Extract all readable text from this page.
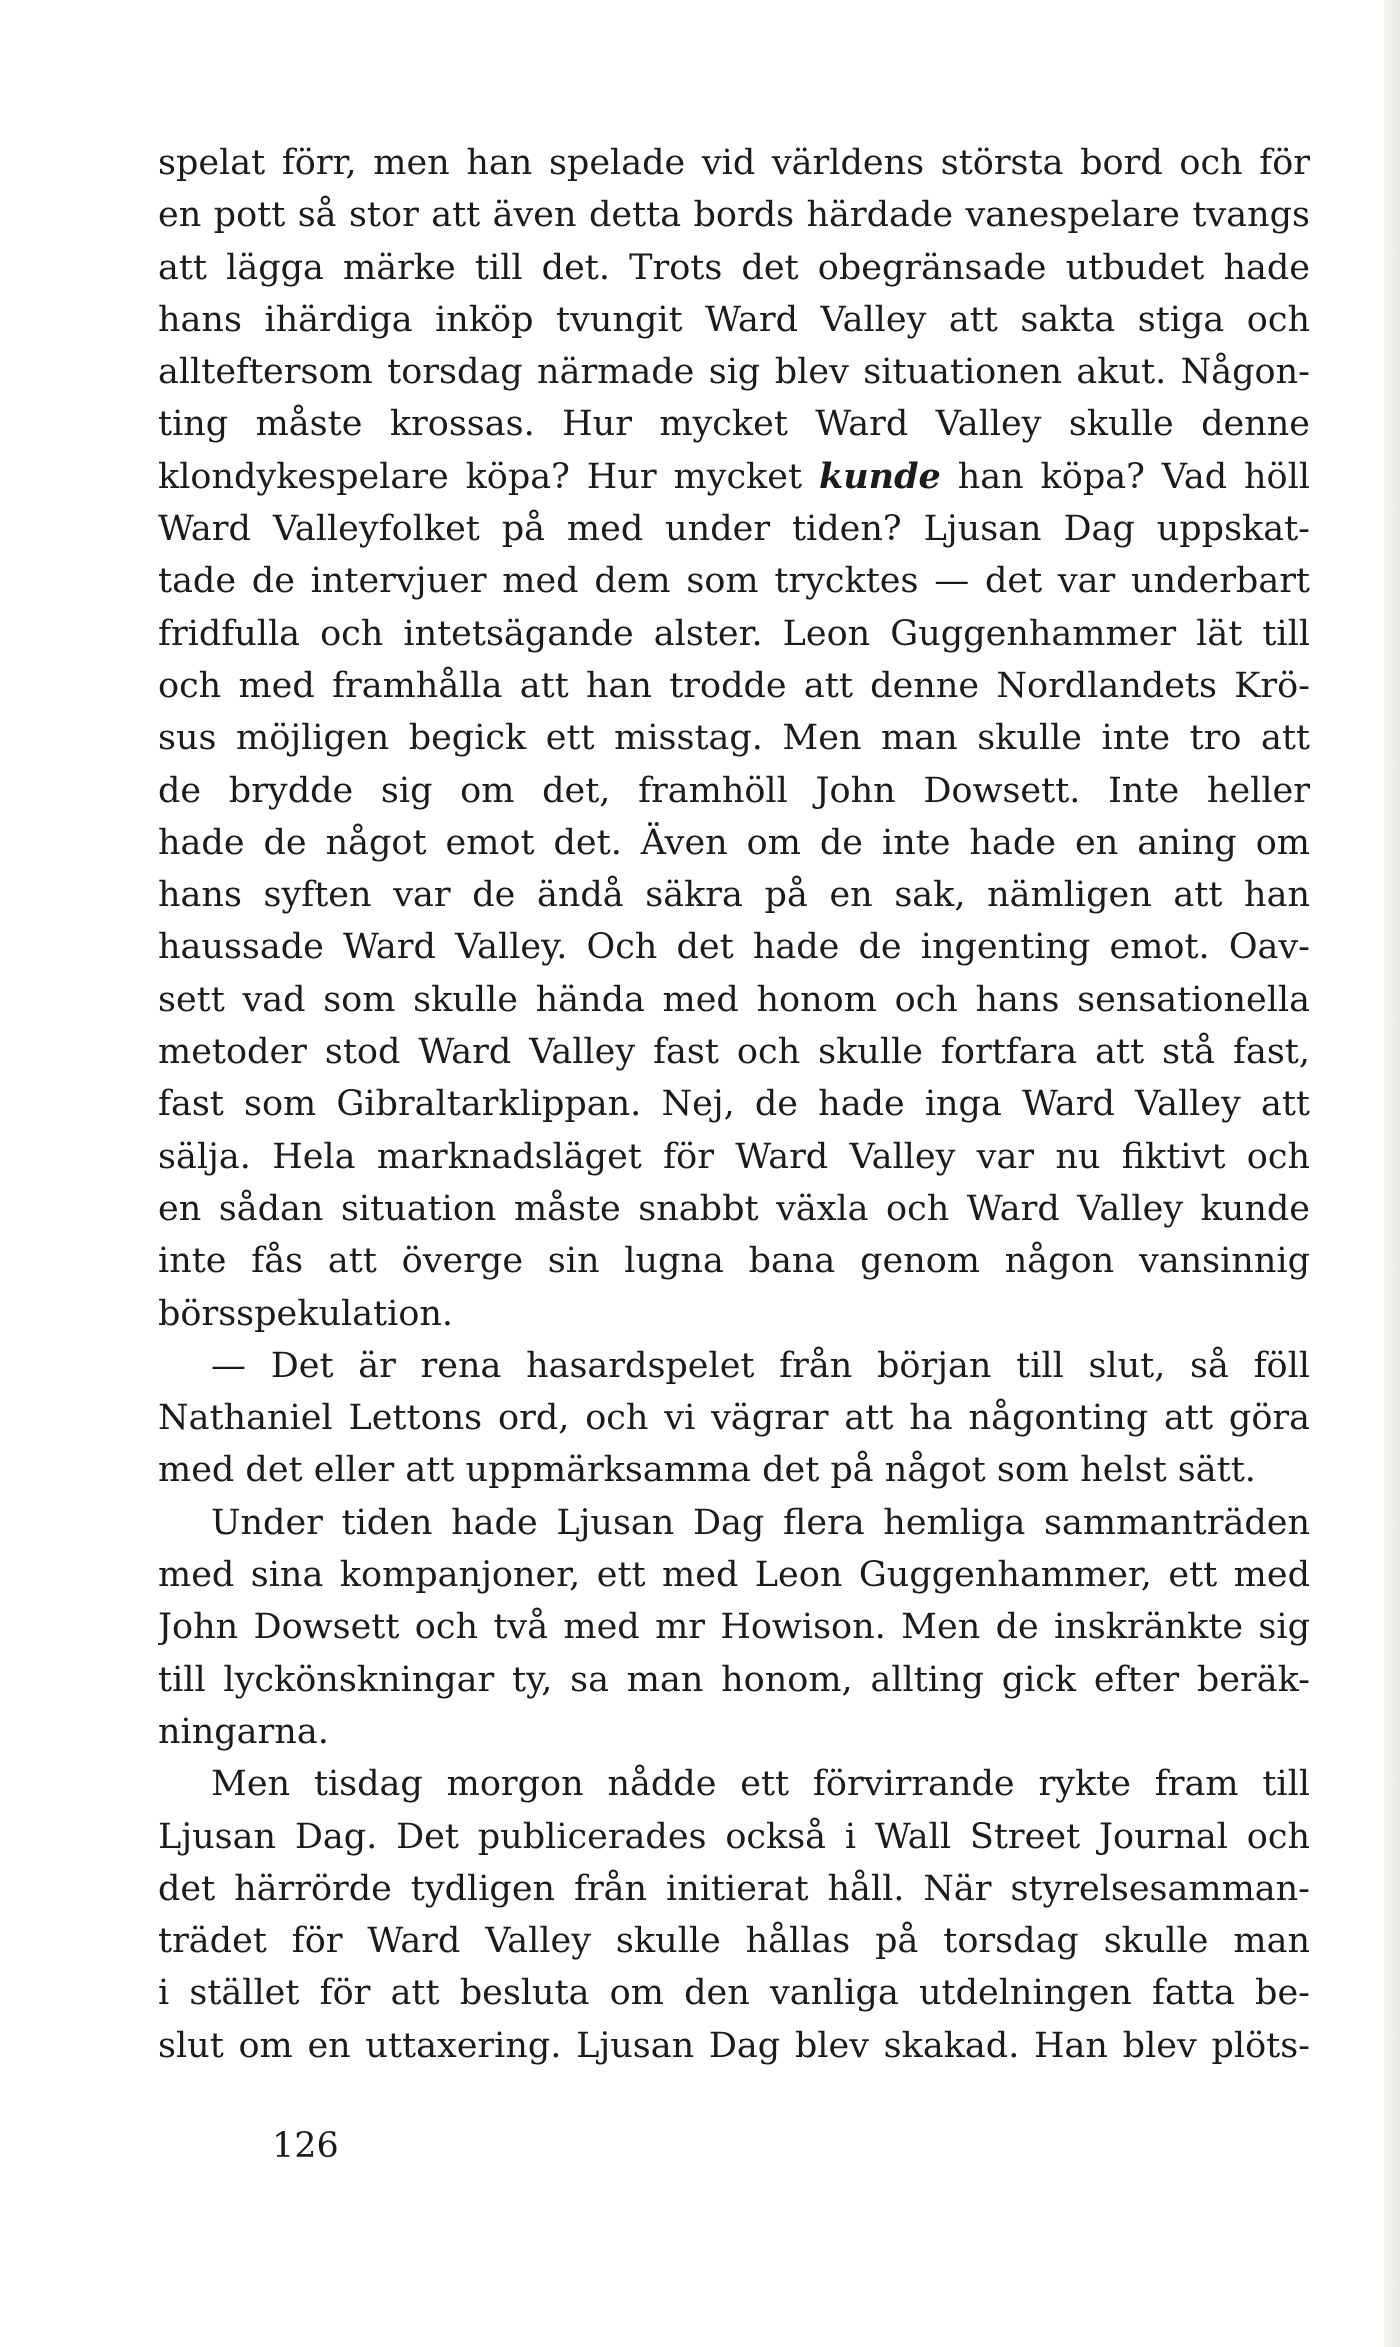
spelat förr, men han spelade vid världens största bord och för
en pott så stor att även detta bords härdade vanespelare tvangs
att lägga märke till det. Trots det obegränsade utbudet hade
hans ihärdiga inköp tvungit Ward Valley att sakta stiga och
allteftersom torsdag närmade sig blev situationen akut. Någon-
ting måste krossas. Hur mycket Ward Valley skulle denne
klondykespelare köpa? Hur mycket kunde han köpa? Vad höll
Ward Valleyfolket på med under tiden? Ljusan Dag uppskat-
tade de intervjuer med dem som trycktes — det var underbart
fridfulla och intetsägande alster. Leon Guggenhammer lät till
och med framhålla att han trodde att denne Nordlandets Krö-
sus möjligen begick ett misstag. Men man skulle inte tro att
de brydde sig om det, framhöll John Dowsett. Inte heller
hade de något emot det. Även om de inte hade en aning om
hans syften var de ändå säkra på en sak, nämligen att han
haussade Ward Valley. Och det hade de ingenting emot. Oav-
sett vad som skulle hända med honom och hans sensationella
metoder stod Ward Valley fast och skulle fortfara att stå fast,
fast som Gibraltarklippan. Nej, de hade inga Ward Valley att
sälja. Hela marknadsläget för Ward Valley var nu fiktivt och
en sådan situation måste snabbt växla och Ward Valley kunde
inte fås att överge sin lugna bana genom någon vansinnig
börsspekulation.
— Det är rena hasardspelet från början till slut, så föll
Nathaniel Lettons ord, och vi vägrar att ha någonting att göra
med det eller att uppmärksamma det på något som helst sätt.
Under tiden hade Ljusan Dag flera hemliga sammanträden
med sina kompanjoner, ett med Leon Guggenhammer, ett med
John Dowsett och två med mr Howison. Men de inskränkte sig
till lyckönskningar ty, sa man honom, allting gick efter beräk-
ningarna.
Men tisdag morgon nådde ett förvirrande rykte fram till
Ljusan Dag. Det publicerades också i Wall Street Journal och
det härrörde tydligen från initierat håll. När styrelsesamman-
trädet för Ward Valley skulle hållas på torsdag skulle man
i stället för att besluta om den vanliga utdelningen fatta be-
slut om en uttaxering. Ljusan Dag blev skakad. Han blev plöts-
126
